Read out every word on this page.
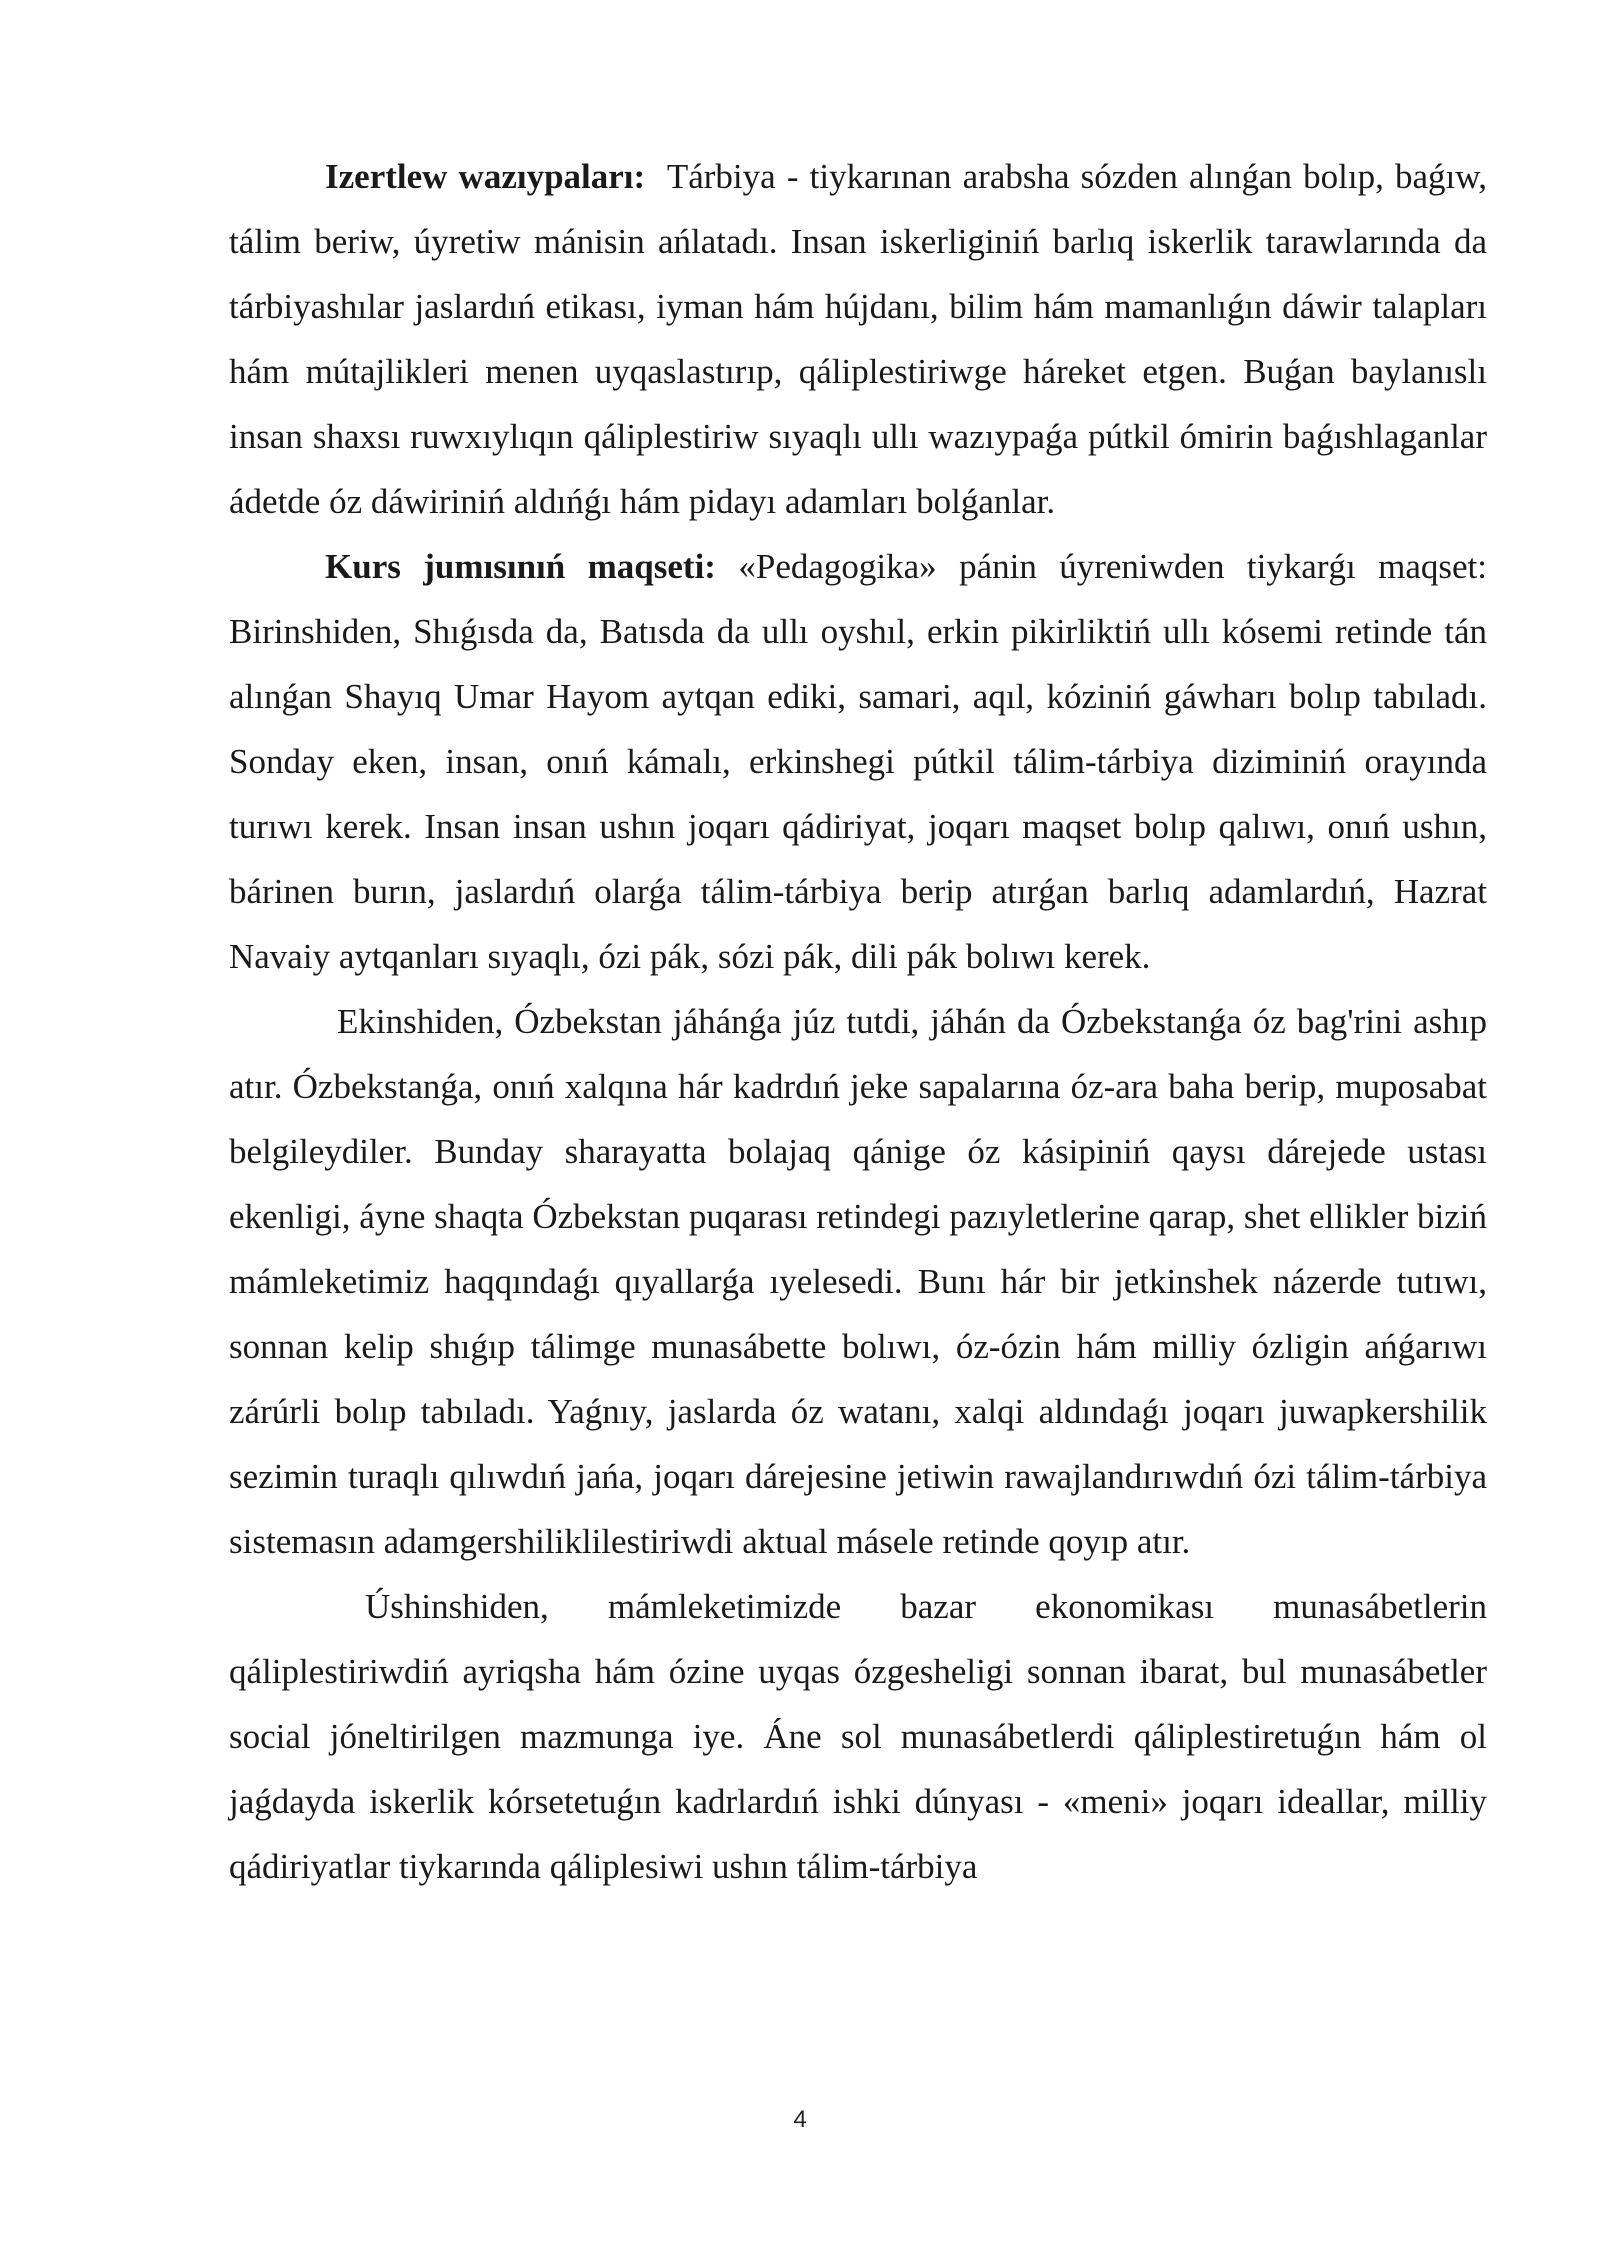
Izertlew wazıypaları: Tárbiya - tiykarınan arabsha sózden alınǵan bolıp, baǵıw, tálim beriw, úyretiw mánisin ańlatadı. Insan iskerliginiń barlıq iskerlik tarawlarında da tárbiyashılar jaslardıń etikası, iyman hám hújdanı, bilim hám mamanlıǵın dáwir talapları hám mútajlikleri menen uyqaslastırıp, qáliplestiriwge háreket etgen. Buǵan baylanıslı insan shaxsı ruwxıylıqın qáliplestiriw sıyaqlı ullı wazıypaǵa pútkil ómirin baǵıshlaganlar ádetde óz dáwiriniń aldıńǵı hám pidayı adamları bolǵanlar.

Kurs jumısınıń maqseti: «Pedagogika» pánin úyreniwden tiykarǵı maqset: Birinshiden, Shıǵısda da, Batısda da ullı oyshıl, erkin pikirliktiń ullı kósemi retinde tán alınǵan Shayıq Umar Hayom aytqan ediki, samari, aqıl, kóziniń gáwharı bolıp tabıladı. Sonday eken, insan, onıń kámalı, erkinshegi pútkil tálim-tárbiya diziminiń orayında turıwı kerek. Insan insan ushın joqarı qádiriyat, joqarı maqset bolıp qalıwı, onıń ushın, bárinen burın, jaslardıń olarǵa tálim-tárbiya berip atırǵan barlıq adamlardıń, Hazrat Navaiy aytqanları sıyaqlı, ózi pák, sózi pák, dili pák bolıwı kerek.

Ekinshiden, Ózbekstan jáhánǵa júz tutdi, jáhán da Ózbekstanǵa óz bag'rini ashıp atır. Ózbekstanǵa, onıń xalqına hár kadrdıń jeke sapalarına óz-ara baha berip, muposabat belgileydiler. Bunday sharayatta bolajaq qánige óz kásipiniń qaysı dárejede ustası ekenligi, áyne shaqta Ózbekstan puqarası retindegi pazıyletlerine qarap, shet ellikler biziń mámleketimiz haqqındaǵı qıyallarǵa ıyelesedi. Bunı hár bir jetkinshek názerde tutıwı, sonnan kelip shıǵıp tálimge munasábette bolıwı, óz-ózin hám milliy ózligin ańǵarıwı zárúrli bolıp tabıladı. Yaǵnıy, jaslarda óz watanı, xalqi aldındaǵı joqarı juwapkershilik sezimin turaqlı qılıwdıń jańa, joqarı dárejesine jetiwin rawajlandırıwdıń ózi tálim-tárbiya sistemasın adamgershiliklilestiriwdi aktual másele retinde qoyıp atır.

Úshinshiden, mámleketimizde bazar ekonomikası munasábetlerin qáliplestiriwdiń ayriqsha hám ózine uyqas ózgesheligi sonnan ibarat, bul munasábetler social jóneltirilgen mazmunga iye. Áne sol munasábetlerdi qáliplestiretuǵın hám ol jaǵdayda iskerlik kórsetetuǵın kadrlardıń ishki dúnyası - «meni» joqarı ideallar, milliy qádiriyatlar tiykarında qáliplesiwi ushın tálim-tárbiya

4
